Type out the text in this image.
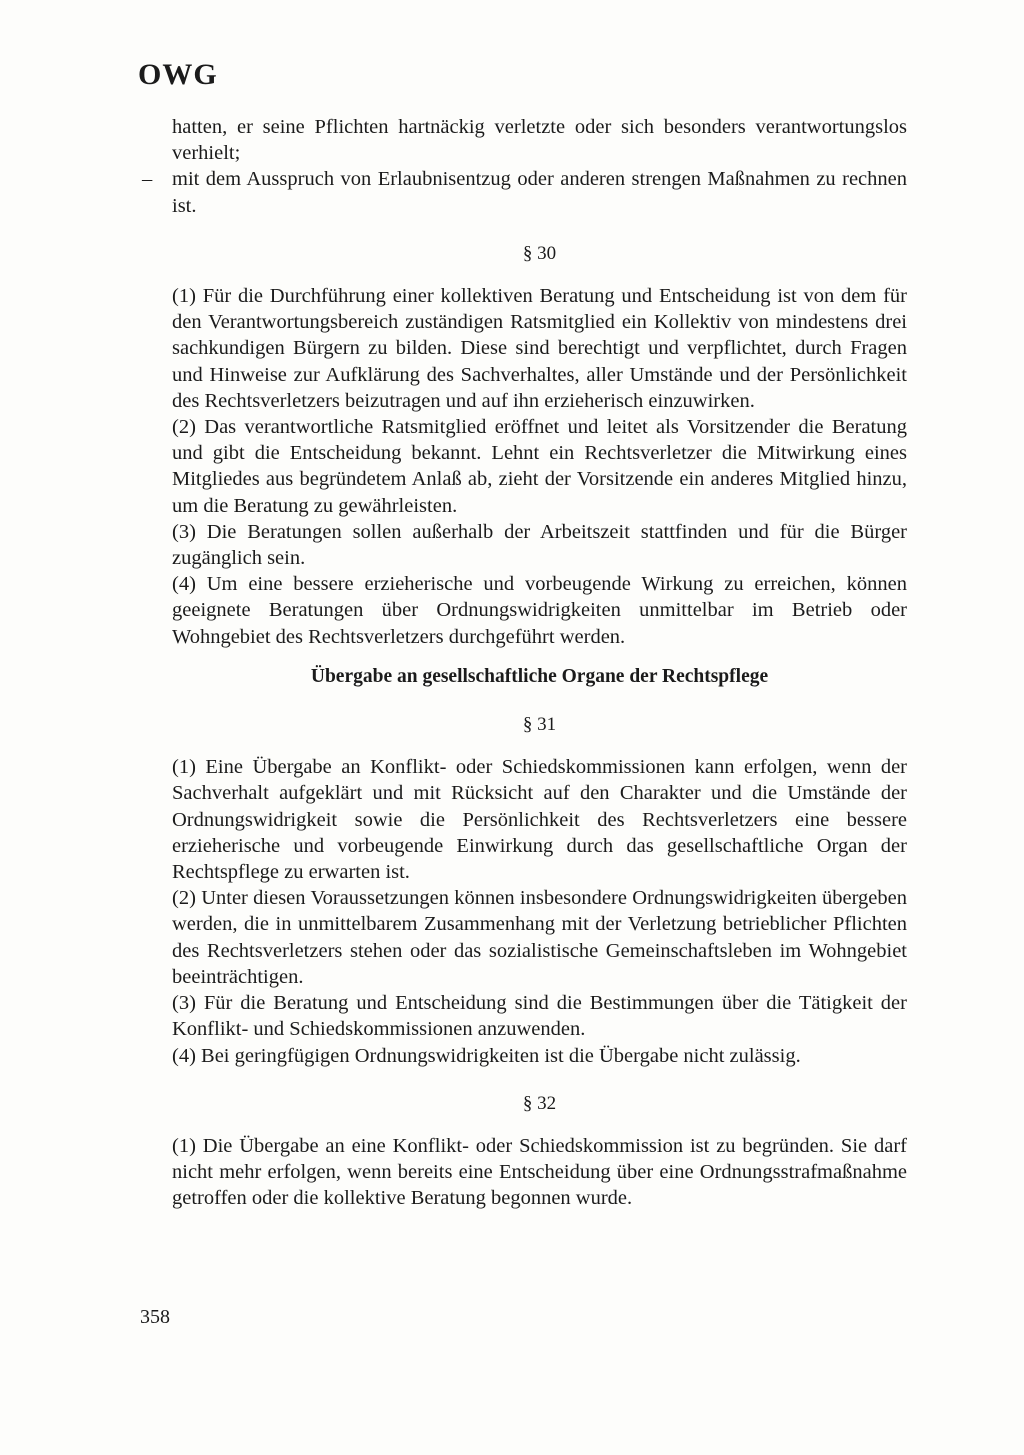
OWG

hatten, er seine Pflichten hartnäckig verletzte oder sich besonders verantwortungslos verhielt;

– mit dem Ausspruch von Erlaubnisentzug oder anderen strengen Maßnahmen zu rechnen ist.

§ 30

(1) Für die Durchführung einer kollektiven Beratung und Entscheidung ist von dem für den Verantwortungsbereich zuständigen Ratsmitglied ein Kollektiv von mindestens drei sachkundigen Bürgern zu bilden. Diese sind berechtigt und verpflichtet, durch Fragen und Hinweise zur Aufklärung des Sachverhaltes, aller Umstände und der Persönlichkeit des Rechtsverletzers beizutragen und auf ihn erzieherisch einzuwirken.

(2) Das verantwortliche Ratsmitglied eröffnet und leitet als Vorsitzender die Beratung und gibt die Entscheidung bekannt. Lehnt ein Rechtsverletzer die Mitwirkung eines Mitgliedes aus begründetem Anlaß ab, zieht der Vorsitzende ein anderes Mitglied hinzu, um die Beratung zu gewährleisten.

(3) Die Beratungen sollen außerhalb der Arbeitszeit stattfinden und für die Bürger zugänglich sein.

(4) Um eine bessere erzieherische und vorbeugende Wirkung zu erreichen, können geeignete Beratungen über Ordnungswidrigkeiten unmittelbar im Betrieb oder Wohngebiet des Rechtsverletzers durchgeführt werden.

Übergabe an gesellschaftliche Organe der Rechtspflege
§ 31

(1) Eine Übergabe an Konflikt- oder Schiedskommissionen kann erfolgen, wenn der Sachverhalt aufgeklärt und mit Rücksicht auf den Charakter und die Umstände der Ordnungswidrigkeit sowie die Persönlichkeit des Rechtsverletzers eine bessere erzieherische und vorbeugende Einwirkung durch das gesellschaftliche Organ der Rechtspflege zu erwarten ist.

(2) Unter diesen Voraussetzungen können insbesondere Ordnungswidrigkeiten übergeben werden, die in unmittelbarem Zusammenhang mit der Verletzung betrieblicher Pflichten des Rechtsverletzers stehen oder das sozialistische Gemeinschaftsleben im Wohngebiet beeinträchtigen.

(3) Für die Beratung und Entscheidung sind die Bestimmungen über die Tätigkeit der Konflikt- und Schiedskommissionen anzuwenden.

(4) Bei geringfügigen Ordnungswidrigkeiten ist die Übergabe nicht zulässig.

§ 32

(1) Die Übergabe an eine Konflikt- oder Schiedskommission ist zu begründen. Sie darf nicht mehr erfolgen, wenn bereits eine Entscheidung über eine Ordnungsstrafmaßnahme getroffen oder die kollektive Beratung begonnen wurde.

358
